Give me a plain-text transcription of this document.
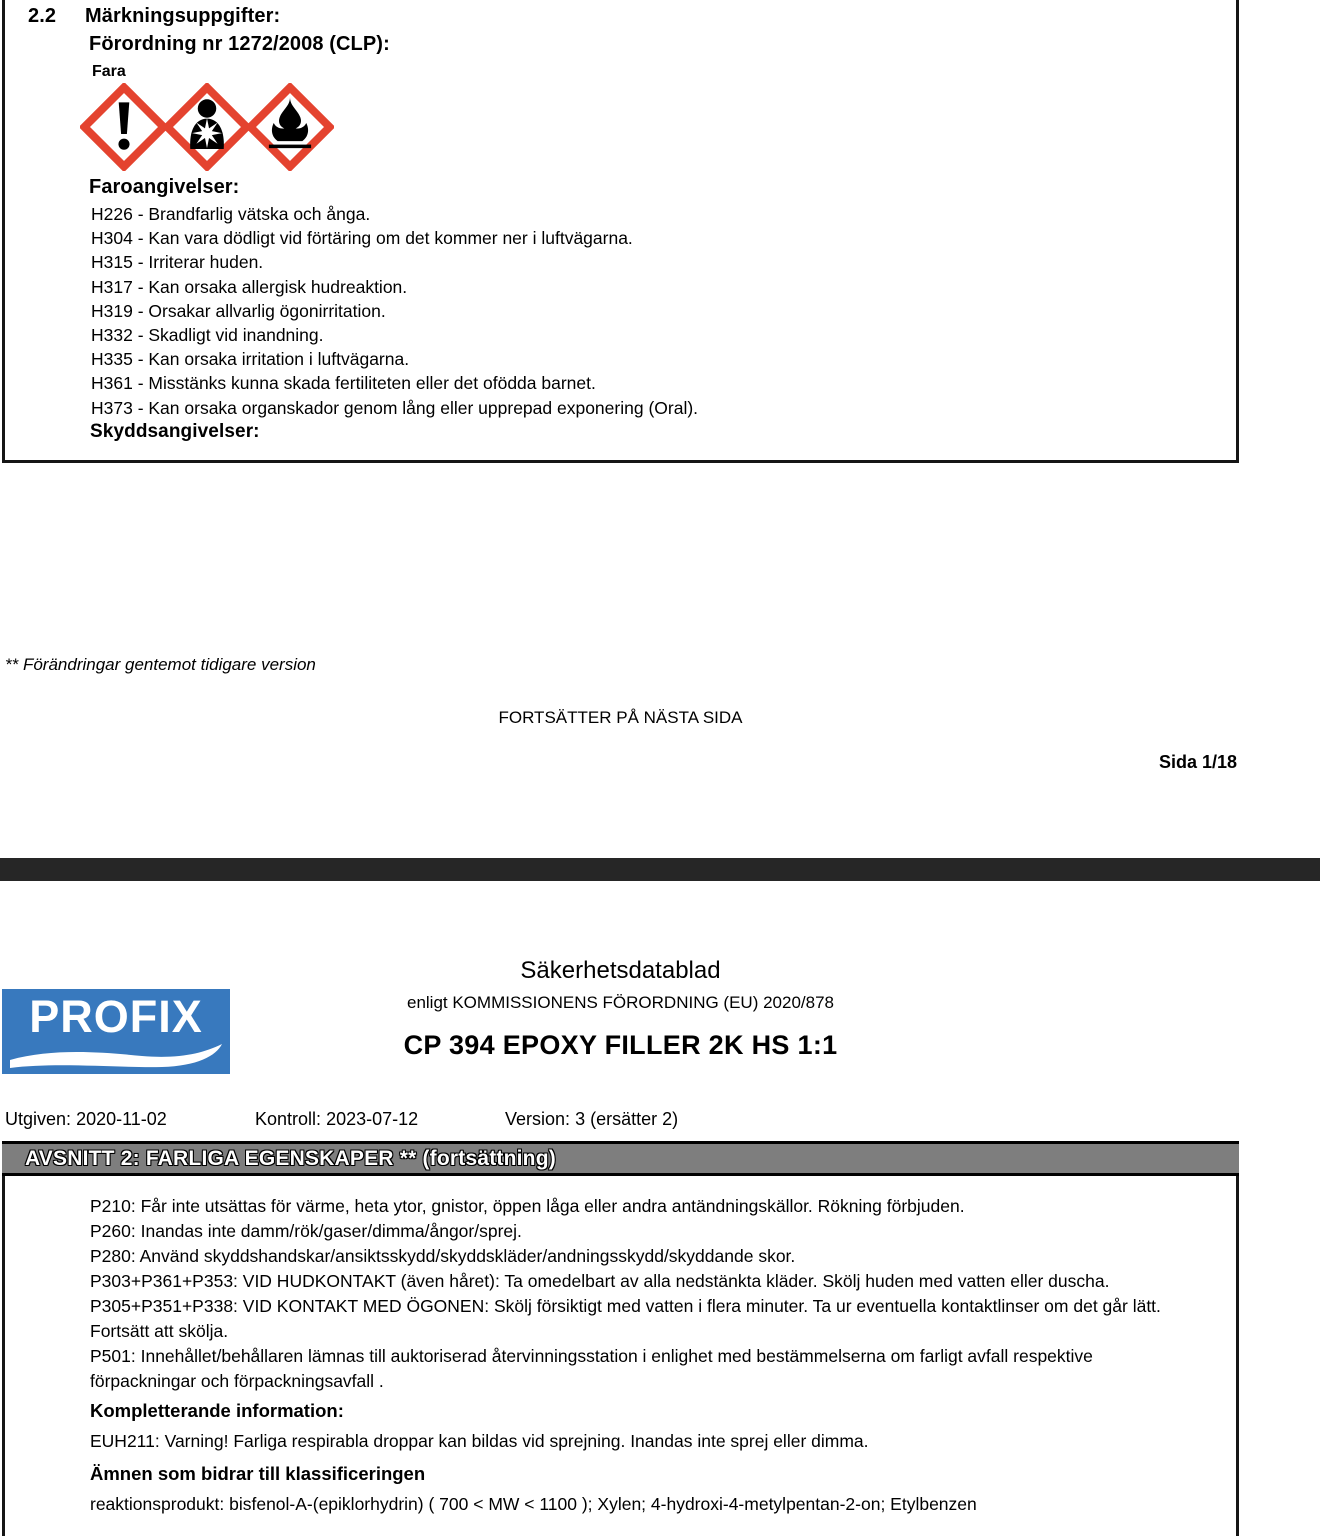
2.2 Märkningsuppgifter:
Förordning nr 1272/2008 (CLP):
Fara
Faroangivelser:
H226 - Brandfarlig vätska och ånga.
H304 - Kan vara dödligt vid förtäring om det kommer ner i luftvägarna.
H315 - Irriterar huden.
H317 - Kan orsaka allergisk hudreaktion.
H319 - Orsakar allvarlig ögonirritation.
H332 - Skadligt vid inandning.
H335 - Kan orsaka irritation i luftvägarna.
H361 - Misstänks kunna skada fertiliteten eller det ofödda barnet.
H373 - Kan orsaka organskador genom lång eller upprepad exponering (Oral).
Skyddsangivelser:
** Förändringar gentemot tidigare version
FORTSÄTTER PÅ NÄSTA SIDA
Sida 1/18
Säkerhetsdatablad
enligt KOMMISSIONENS FÖRORDNING (EU) 2020/878
CP 394 EPOXY FILLER 2K HS 1:1
PROFIX
Utgiven: 2020-11-02	Kontroll: 2023-07-12	Version: 3 (ersätter 2)
AVSNITT 2: FARLIGA EGENSKAPER ** (fortsättning)

P210: Får inte utsättas för värme, heta ytor, gnistor, öppen låga eller andra antändningskällor. Rökning förbjuden.

P260: Inandas inte damm/rök/gaser/dimma/ångor/sprej.

P280: Använd skyddshandskar/ansiktsskydd/skyddskläder/andningsskydd/skyddande skor.

P303+P361+P353: VID HUDKONTAKT (även håret): Ta omedelbart av alla nedstänkta kläder. Skölj huden med vatten eller duscha.

P305+P351+P338: VID KONTAKT MED ÖGONEN: Skölj försiktigt med vatten i flera minuter. Ta ur eventuella kontaktlinser om det går lätt. Fortsätt att skölja.

P501: Innehållet/behållaren lämnas till auktoriserad återvinningsstation i enlighet med bestämmelserna om farligt avfall respektive förpackningar och förpackningsavfall .

Kompletterande information:

EUH211: Varning! Farliga respirabla droppar kan bildas vid sprejning. Inandas inte sprej eller dimma.

Ämnen som bidrar till klassificeringen

reaktionsprodukt: bisfenol-A-(epiklorhydrin) ( 700 < MW < 1100 ); Xylen; 4-hydroxi-4-metylpentan-2-on; Etylbenzen
